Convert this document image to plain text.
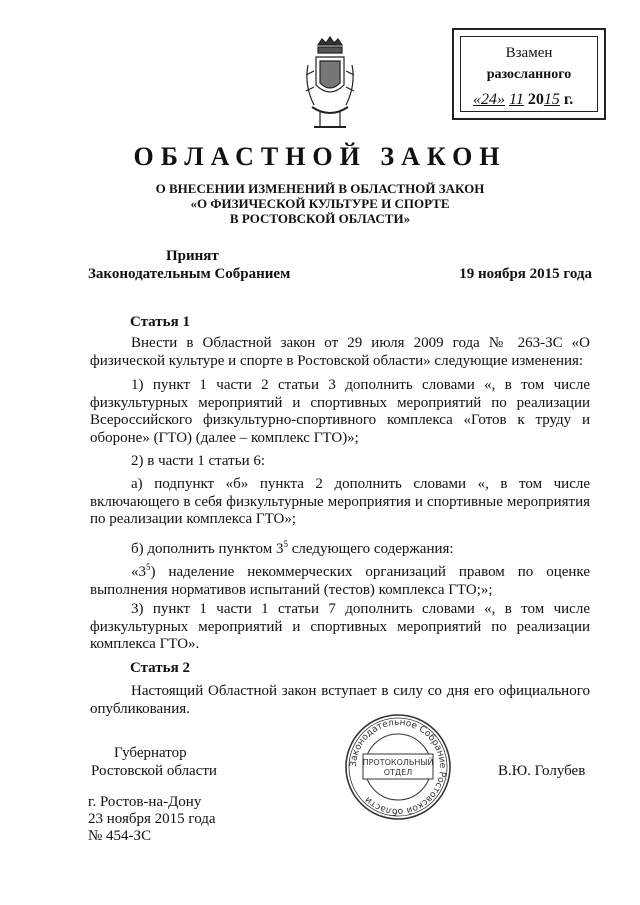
Взамен
разосланного
«24» 11 2015 г.
ОБЛАСТНОЙ ЗАКОН
О ВНЕСЕНИИ ИЗМЕНЕНИЙ В ОБЛАСТНОЙ ЗАКОН
«О ФИЗИЧЕСКОЙ КУЛЬТУРЕ И СПОРТЕ
В РОСТОВСКОЙ ОБЛАСТИ»
Принят
Законодательным Собранием	19 ноября 2015 года
Статья 1
Внести в Областной закон от 29 июля 2009 года № 263-ЗС «О физической культуре и спорте в Ростовской области» следующие изменения:
1) пункт 1 части 2 статьи 3 дополнить словами «, в том числе физкультурных мероприятий и спортивных мероприятий по реализации Всероссийского физкультурно-спортивного комплекса «Готов к труду и обороне» (ГТО) (далее – комплекс ГТО)»;
2) в части 1 статьи 6:
а) подпункт «б» пункта 2 дополнить словами «, в том числе включающего в себя физкультурные мероприятия и спортивные мероприятия по реализации комплекса ГТО»;
б) дополнить пунктом $3^5$ следующего содержания:
«$3^5$) наделение некоммерческих организаций правом по оценке выполнения нормативов испытаний (тестов) комплекса ГТО;»;
3) пункт 1 части 1 статьи 7 дополнить словами «, в том числе физкультурных мероприятий и спортивных мероприятий по реализации комплекса ГТО».
Статья 2
Настоящий Областной закон вступает в силу со дня его официального опубликования.
Губернатор
Ростовской области	В.Ю. Голубев
г. Ростов-на-Дону
23 ноября 2015 года
№ 454-ЗС
Законодательное Собрание Ростовской области
ПРОТОКОЛЬНЫЙ
ОТДЕЛ
